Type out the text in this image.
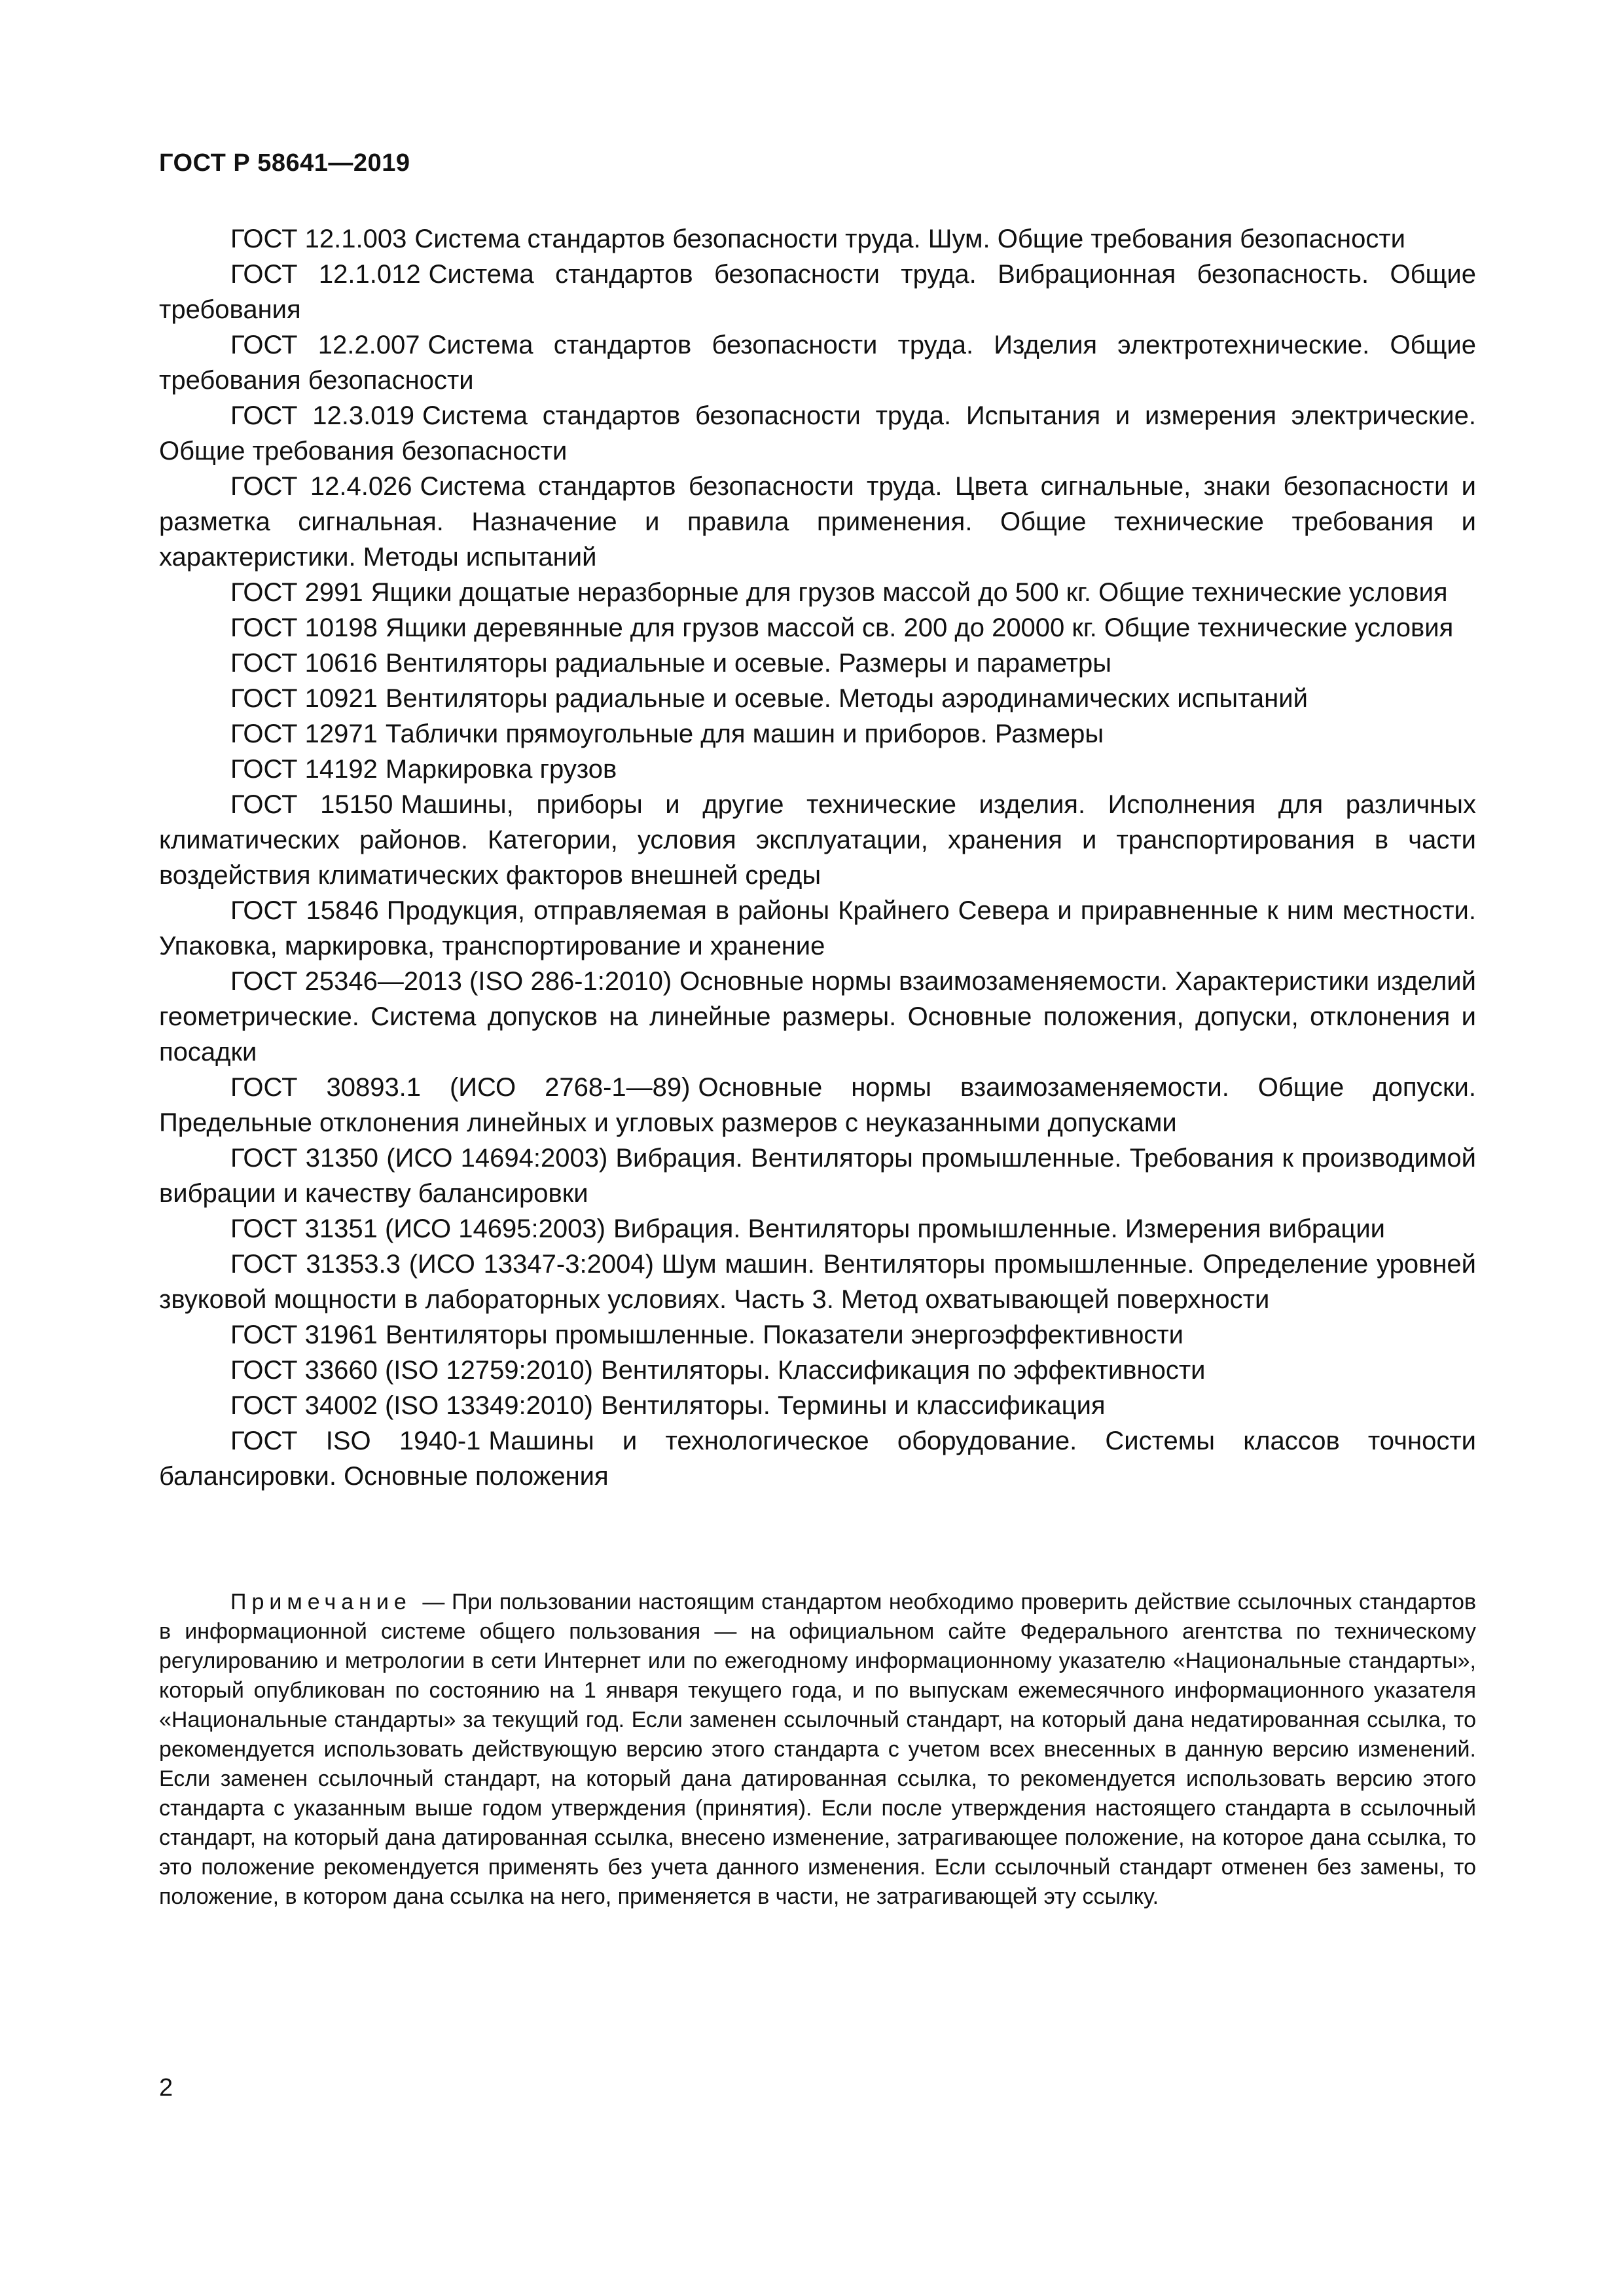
ГОСТ Р 58641—2019
ГОСТ 12.1.003 Система стандартов безопасности труда. Шум. Общие требования безопасности
ГОСТ 12.1.012 Система стандартов безопасности труда. Вибрационная безопасность. Общие требования
ГОСТ 12.2.007 Система стандартов безопасности труда. Изделия электротехнические. Общие требования безопасности
ГОСТ 12.3.019 Система стандартов безопасности труда. Испытания и измерения электрические. Общие требования безопасности
ГОСТ 12.4.026 Система стандартов безопасности труда. Цвета сигнальные, знаки безопасности и разметка сигнальная. Назначение и правила применения. Общие технические требования и характеристики. Методы испытаний
ГОСТ 2991 Ящики дощатые неразборные для грузов массой до 500 кг. Общие технические условия
ГОСТ 10198 Ящики деревянные для грузов массой св. 200 до 20000 кг. Общие технические условия
ГОСТ 10616 Вентиляторы радиальные и осевые. Размеры и параметры
ГОСТ 10921 Вентиляторы радиальные и осевые. Методы аэродинамических испытаний
ГОСТ 12971 Таблички прямоугольные для машин и приборов. Размеры
ГОСТ 14192 Маркировка грузов
ГОСТ 15150 Машины, приборы и другие технические изделия. Исполнения для различных климатических районов. Категории, условия эксплуатации, хранения и транспортирования в части воздействия климатических факторов внешней среды
ГОСТ 15846 Продукция, отправляемая в районы Крайнего Севера и приравненные к ним местности. Упаковка, маркировка, транспортирование и хранение
ГОСТ 25346—2013 (ISO 286-1:2010) Основные нормы взаимозаменяемости. Характеристики изделий геометрические. Система допусков на линейные размеры. Основные положения, допуски, отклонения и посадки
ГОСТ 30893.1 (ИСО 2768-1—89) Основные нормы взаимозаменяемости. Общие допуски. Предельные отклонения линейных и угловых размеров с неуказанными допусками
ГОСТ 31350 (ИСО 14694:2003) Вибрация. Вентиляторы промышленные. Требования к производимой вибрации и качеству балансировки
ГОСТ 31351 (ИСО 14695:2003) Вибрация. Вентиляторы промышленные. Измерения вибрации
ГОСТ 31353.3 (ИСО 13347-3:2004) Шум машин. Вентиляторы промышленные. Определение уровней звуковой мощности в лабораторных условиях. Часть 3. Метод охватывающей поверхности
ГОСТ 31961 Вентиляторы промышленные. Показатели энергоэффективности
ГОСТ 33660 (ISO 12759:2010) Вентиляторы. Классификация по эффективности
ГОСТ 34002 (ISO 13349:2010) Вентиляторы. Термины и классификация
ГОСТ ISO 1940-1 Машины и технологическое оборудование. Системы классов точности балансировки. Основные положения
Примечание — При пользовании настоящим стандартом необходимо проверить действие ссылочных стандартов в информационной системе общего пользования — на официальном сайте Федерального агентства по техническому регулированию и метрологии в сети Интернет или по ежегодному информационному указателю «Национальные стандарты», который опубликован по состоянию на 1 января текущего года, и по выпускам ежемесячного информационного указателя «Национальные стандарты» за текущий год. Если заменен ссылочный стандарт, на который дана недатированная ссылка, то рекомендуется использовать действующую версию этого стандарта с учетом всех внесенных в данную версию изменений. Если заменен ссылочный стандарт, на который дана датированная ссылка, то рекомендуется использовать версию этого стандарта с указанным выше годом утверждения (принятия). Если после утверждения настоящего стандарта в ссылочный стандарт, на который дана датированная ссылка, внесено изменение, затрагивающее положение, на которое дана ссылка, то это положение рекомендуется применять без учета данного изменения. Если ссылочный стандарт отменен без замены, то положение, в котором дана ссылка на него, применяется в части, не затрагивающей эту ссылку.
2
